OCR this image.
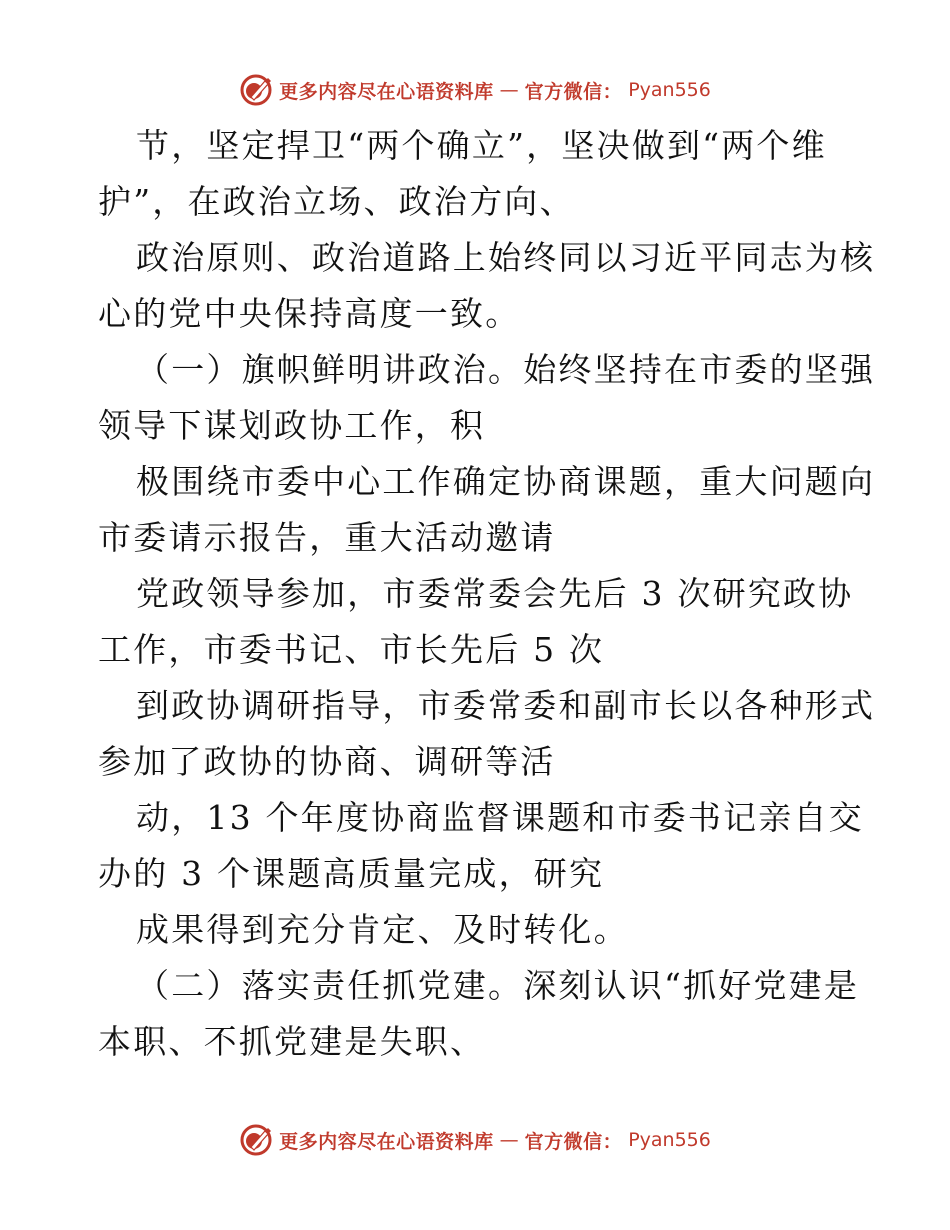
更多内容尽在心语资料库 — 官方微信： Pyan556
节，坚定捍卫“两个确立”，坚决做到“两个维
护”，在政治立场、政治方向、
政治原则、政治道路上始终同以习近平同志为核
心的党中央保持高度一致。
（一）旗帜鲜明讲政治。始终坚持在市委的坚强
领导下谋划政协工作，积
极围绕市委中心工作确定协商课题，重大问题向
市委请示报告，重大活动邀请
党政领导参加，市委常委会先后 3 次研究政协
工作，市委书记、市长先后 5 次
到政协调研指导，市委常委和副市长以各种形式
参加了政协的协商、调研等活
动，13 个年度协商监督课题和市委书记亲自交
办的 3 个课题高质量完成，研究
成果得到充分肯定、及时转化。
（二）落实责任抓党建。深刻认识“抓好党建是
本职、不抓党建是失职、
更多内容尽在心语资料库 — 官方微信： Pyan556
